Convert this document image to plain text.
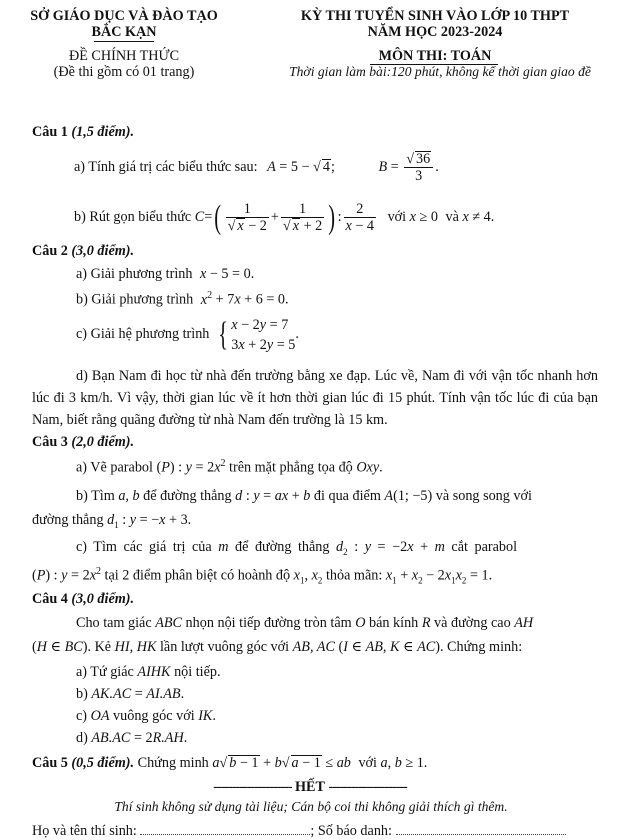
SỞ GIÁO DỤC VÀ ĐÀO TẠO
BẮC KẠN
ĐỀ CHÍNH THỨC
(Đề thi gồm có 01 trang)
KỲ THI TUYỂN SINH VÀO LỚP 10 THPT
NĂM HỌC 2023-2024
MÔN THI: TOÁN
Thời gian làm bài:120 phút, không kể thời gian giao đề
Câu 1 (1,5 điểm).
a) Tính giá trị các biểu thức sau: A = 5 − √ 4;	$B = \frac{√ 36}{3}$ .
b) Rút gọn biểu thức $C=( \frac{1}{√ x - 2} + \frac{1}{√ x + 2}$ ) : $\frac{2}{x - 4}$ với x ≥ 0 và x ≠ 4.
Câu 2 (3,0 điểm).
a) Giải phương trình x − 5 = 0.
b) Giải phương trình $x^2 + 7x + 6 = 0$.
c) Giải hệ phương trình { x − 2y = 7
3x + 2y = 5.
d) Bạn Nam đi học từ nhà đến trường bằng xe đạp. Lúc về, Nam đi với vận tốc nhanh hơn lúc đi 3 km/h. Vì vậy, thời gian lúc về ít hơn thời gian lúc đi 15 phút. Tính vận tốc lúc đi của bạn Nam, biết rằng quãng đường từ nhà Nam đến trường là 15 km.
Câu 3 (2,0 điểm).
a) Vẽ parabol (P) : $y = 2x^2$ trên mặt phẳng tọa độ Oxy.
b) Tìm a, b để đường thẳng d : y = ax + b đi qua điểm A(1; −5) và song song với
đường thẳng $d_1$ : y = −x + 3.
c) Tìm các giá trị của m để đường thẳng $d_2$ : y = −2x + m cắt parabol
(P) : $y = 2x^2$ tại 2 điểm phân biệt có hoành độ $x_1$, $x_2$ thỏa mãn: $x_1 + x_2 - 2x_1x_2 = 1$.
Câu 4 (3,0 điểm).
Cho tam giác ABC nhọn nội tiếp đường tròn tâm O bán kính R và đường cao AH
(H ∈ BC). Kẻ HI, HK lần lượt vuông góc với AB, AC (I ∈ AB, K ∈ AC). Chứng minh:
a) Tứ giác AIHK nội tiếp.
b) AK.AC = AI.AB.
c) OA vuông góc với IK.
d) AB.AC = 2R.AH.
Câu 5 (0,5 điểm). Chứng minh a√ b − 1 + b√ a − 1 ≤ ab với a, b ≥ 1.
--------------------- HẾT ---------------------
Thí sinh không sử dụng tài liệu; Cán bộ coi thi không giải thích gì thêm.
Họ và tên thí sinh:	; Số báo danh:
